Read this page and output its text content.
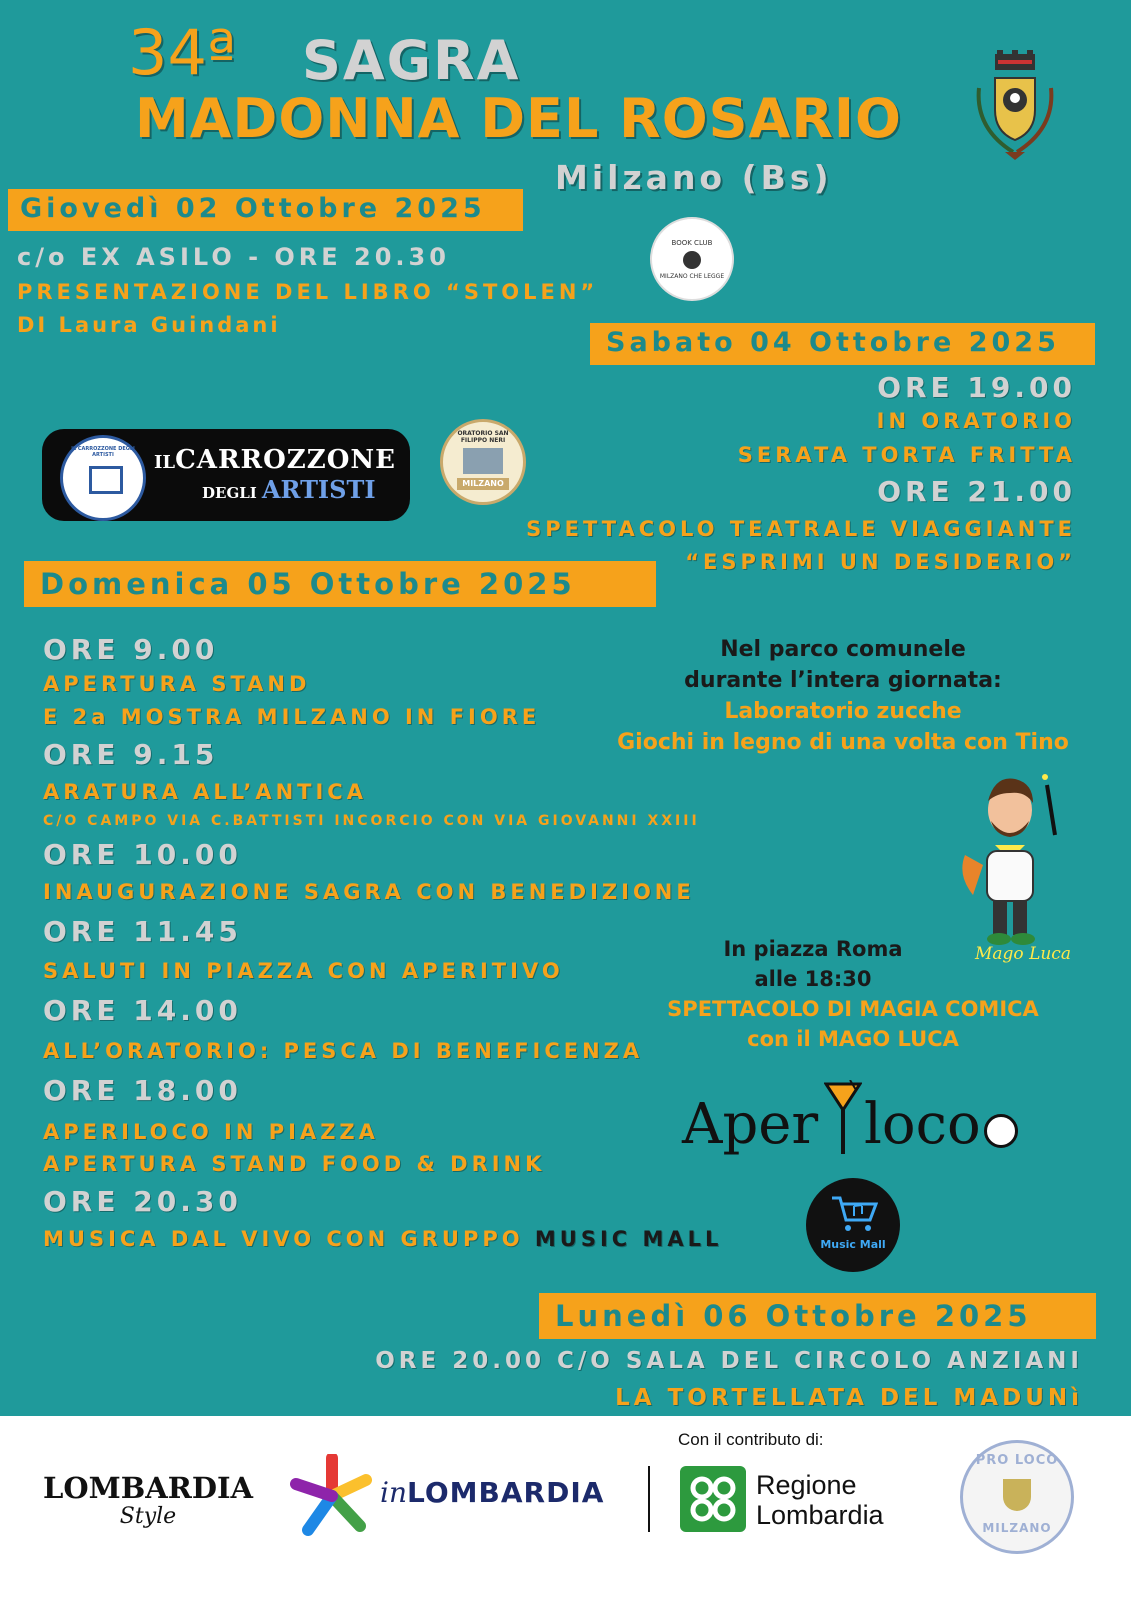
34ª SAGRA
MADONNA DEL ROSARIO
Milzano (Bs)
Giovedì 02 Ottobre 2025
c/o EX ASILO - ORE 20.30
PRESENTAZIONE DEL LIBRO “STOLEN”
DI Laura Guindani
BOOK CLUB
MILZANO CHE LEGGE
Sabato 04 Ottobre 2025
ORE 19.00
IN ORATORIO
SERATA TORTA FRITTA
ORE 21.00
SPETTACOLO TEATRALE VIAGGIANTE
“ESPRIMI UN DESIDERIO”
IL CARROZZONE DEGLI ARTISTI	ILCARROZZONE
DEGLI ARTISTI
ORATORIO SAN FILIPPO NERI
MILZANO
Domenica 05 Ottobre 2025
ORE 9.00
APERTURA STAND
E 2a MOSTRA MILZANO IN FIORE
ORE 9.15
ARATURA ALL’ANTICA
C/O CAMPO VIA C.BATTISTI INCORCIO CON VIA GIOVANNI XXIII
ORE 10.00
INAUGURAZIONE SAGRA CON BENEDIZIONE
ORE 11.45
SALUTI IN PIAZZA CON APERITIVO
ORE 14.00
ALL’ORATORIO: PESCA DI BENEFICENZA
ORE 18.00
APERILOCO IN PIAZZA
APERTURA STAND FOOD & DRINK
ORE 20.30
MUSICA DAL VIVO CON GRUPPO MUSIC MALL
Nel parco comunele
durante l’intera giornata:
Laboratorio zucche
Giochi in legno di una volta con Tino
Mago Luca
In piazza Roma
alle 18:30
SPETTACOLO DI MAGIA COMICA
con il MAGO LUCA
Aper loco
Music Mall
Lunedì 06 Ottobre 2025
ORE 20.00 C/O SALA DEL CIRCOLO ANZIANI
LA TORTELLATA DEL MADUNì
LOMBARDIA
Style
inLOMBARDIA
Con il contributo di:
Regione
Lombardia
PRO LOCO
MILZANO
